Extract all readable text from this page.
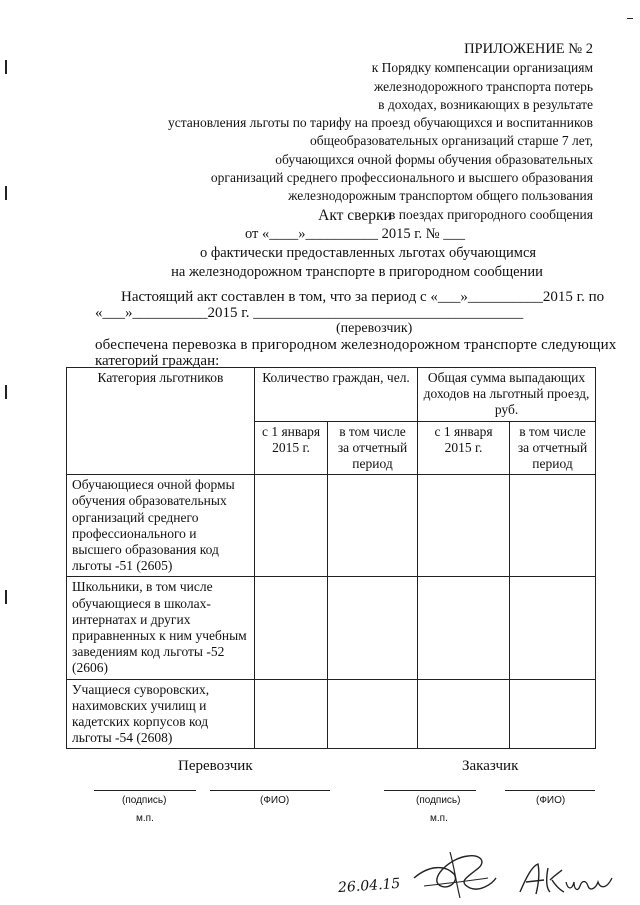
ПРИЛОЖЕНИЕ № 2
к Порядку компенсации организациям
железнодорожного транспорта потерь
в доходах, возникающих в результате
установления льготы по тарифу на проезд обучающихся и воспитанников
общеобразовательных организаций старше 7 лет,
обучающихся очной формы обучения образовательных
организаций среднего профессионального и высшего образования
железнодорожным транспортом общего пользования
в поездах пригородного сообщения
Акт сверки
от «____»__________ 2015 г. № ___
о фактически предоставленных льготах обучающимся
на железнодорожном транспорте в пригородном сообщении
Настоящий акт составлен в том, что за период с «___»__________2015 г. по
«___»__________2015 г. ____________________________________
(перевозчик)
обеспечена перевозка в пригородном железнодорожном транспорте следующих
категорий граждан:
Категория льготников	Количество граждан, чел.		Общая сумма выпадающих доходов на льготный проезд, руб.	
	с 1 января 2015 г.	в том числе за отчетный период	с 1 января 2015 г.	в том числе за отчетный период
Обучающиеся очной формы обучения образовательных организаций среднего профессионального и высшего образования код льготы -51 (2605)				
Школьники, в том числе обучающиеся в школах-интернатах и других приравненных к ним учебным заведениям код льготы -52 (2606)				
Учащиеся суворовских, нахимовских училищ и кадетских корпусов код льготы -54 (2608)				
Перевозчик	Заказчик
(подпись)	(ФИО)	(подпись)	(ФИО)
м.п.	м.п.
26.04.15
